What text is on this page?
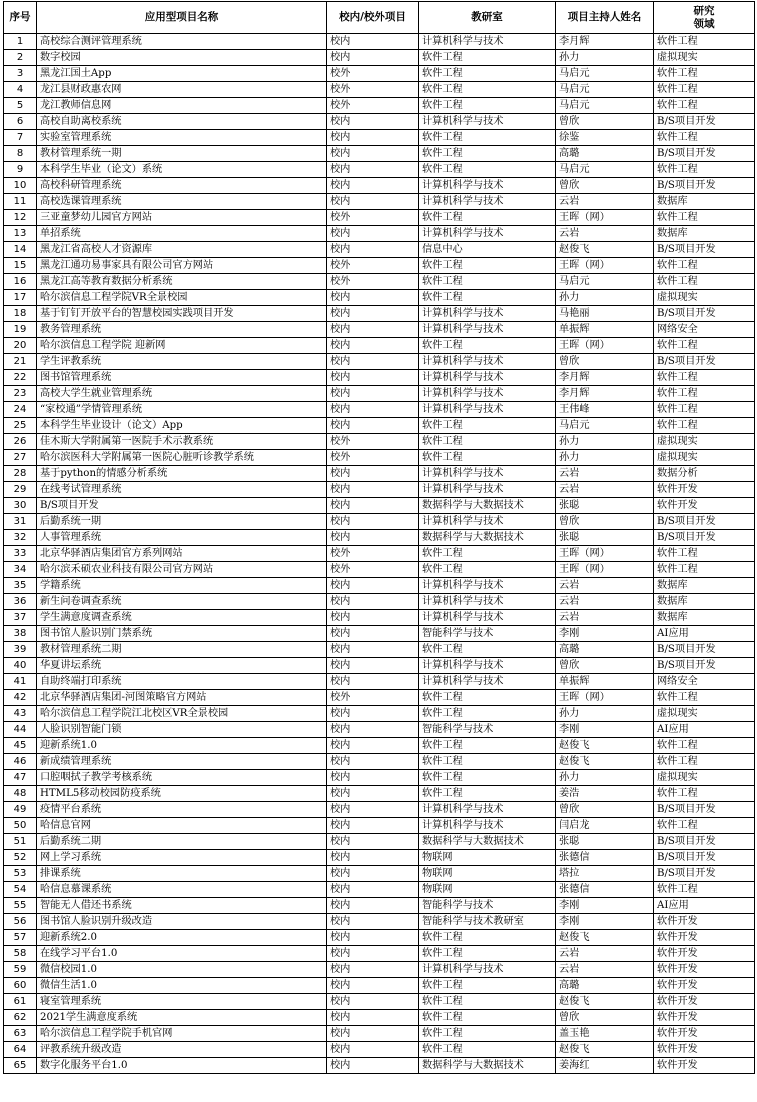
序号	应用型项目名称	校内/校外项目	教研室	项目主持人姓名	研究
领域

1	高校综合测评管理系统	校内	计算机科学与技术	李月辉	软件工程
2	数字校园	校内	软件工程	孙力	虚拟现实
3	黑龙江国土App	校外	软件工程	马启元	软件工程
4	龙江县财政惠农网	校外	软件工程	马启元	软件工程
5	龙江教师信息网	校外	软件工程	马启元	软件工程
6	高校自助离校系统	校内	计算机科学与技术	曾欣	B/S项目开发
7	实验室管理系统	校内	软件工程	徐鉴	软件工程
8	教材管理系统一期	校内	软件工程	高璐	B/S项目开发
9	本科学生毕业（论文）系统	校内	软件工程	马启元	软件工程
10	高校科研管理系统	校内	计算机科学与技术	曾欣	B/S项目开发
11	高校选课管理系统	校内	计算机科学与技术	云岩	数据库
12	三亚童梦幼儿园官方网站	校外	软件工程	王晖（网）	软件工程
13	单招系统	校内	计算机科学与技术	云岩	数据库
14	黑龙江省高校人才资源库	校内	信息中心	赵俊飞	B/S项目开发
15	黑龙江通功易事家具有限公司官方网站	校外	软件工程	王晖（网）	软件工程
16	黑龙江高等教育数据分析系统	校外	软件工程	马启元	软件工程
17	哈尔滨信息工程学院VR全景校园	校内	软件工程	孙力	虚拟现实
18	基于钉钉开放平台的智慧校园实践项目开发	校内	计算机科学与技术	马艳丽	B/S项目开发
19	教务管理系统	校内	计算机科学与技术	单振辉	网络安全
20	哈尔滨信息工程学院 迎新网	校内	软件工程	王晖（网）	软件工程
21	学生评教系统	校内	计算机科学与技术	曾欣	B/S项目开发
22	图书馆管理系统	校内	计算机科学与技术	李月辉	软件工程
23	高校大学生就业管理系统	校内	计算机科学与技术	李月辉	软件工程
24	“家校通”学情管理系统	校内	计算机科学与技术	王伟峰	软件工程
25	本科学生毕业设计（论文）App	校内	软件工程	马启元	软件工程
26	佳木斯大学附属第一医院手术示教系统	校外	软件工程	孙力	虚拟现实
27	哈尔滨医科大学附属第一医院心脏听诊教学系统	校外	软件工程	孙力	虚拟现实
28	基于python的情感分析系统	校内	计算机科学与技术	云岩	数据分析
29	在线考试管理系统	校内	计算机科学与技术	云岩	软件开发
30	B/S项目开发	校内	数据科学与大数据技术	张聪	软件开发
31	后勤系统一期	校内	计算机科学与技术	曾欣	B/S项目开发
32	人事管理系统	校内	数据科学与大数据技术	张聪	B/S项目开发
33	北京华驿酒店集团官方系列网站	校外	软件工程	王晖（网）	软件工程
34	哈尔滨禾硕农业科技有限公司官方网站	校外	软件工程	王晖（网）	软件工程
35	学籍系统	校内	计算机科学与技术	云岩	数据库
36	新生问卷调查系统	校内	计算机科学与技术	云岩	数据库
37	学生满意度调查系统	校内	计算机科学与技术	云岩	数据库
38	图书馆人脸识别门禁系统	校内	智能科学与技术	李刚	AI应用
39	教材管理系统二期	校内	软件工程	高璐	B/S项目开发
40	华夏讲坛系统	校内	计算机科学与技术	曾欣	B/S项目开发
41	自助终端打印系统	校内	计算机科学与技术	单振辉	网络安全
42	北京华驿酒店集团-河图策略官方网站	校外	软件工程	王晖（网）	软件工程
43	哈尔滨信息工程学院江北校区VR全景校园	校内	软件工程	孙力	虚拟现实
44	人脸识别智能门锁	校内	智能科学与技术	李刚	AI应用
45	迎新系统1.0	校内	软件工程	赵俊飞	软件工程
46	新成绩管理系统	校内	软件工程	赵俊飞	软件工程
47	口腔咽拭子教学考核系统	校内	软件工程	孙力	虚拟现实
48	HTML5移动校园防疫系统	校内	软件工程	姜浩	软件工程
49	疫情平台系统	校内	计算机科学与技术	曾欣	B/S项目开发
50	哈信息官网	校内	计算机科学与技术	闫启龙	软件工程
51	后勤系统二期	校内	数据科学与大数据技术	张聪	B/S项目开发
52	网上学习系统	校内	物联网	张德信	B/S项目开发
53	排课系统	校内	物联网	塔拉	B/S项目开发
54	哈信息慕课系统	校内	物联网	张德信	软件工程
55	智能无人借还书系统	校内	智能科学与技术	李刚	AI应用
56	图书馆人脸识别升级改造	校内	智能科学与技术教研室	李刚	软件开发
57	迎新系统2.0	校内	软件工程	赵俊飞	软件开发
58	在线学习平台1.0	校内	软件工程	云岩	软件开发
59	微信校园1.0	校内	计算机科学与技术	云岩	软件开发
60	微信生活1.0	校内	软件工程	高璐	软件开发
61	寝室管理系统	校内	软件工程	赵俊飞	软件开发
62	2021学生满意度系统	校内	软件工程	曾欣	软件开发
63	哈尔滨信息工程学院手机官网	校内	软件工程	盖玉艳	软件开发
64	评教系统升级改造	校内	软件工程	赵俊飞	软件开发
65	数字化服务平台1.0	校内	数据科学与大数据技术	姜海红	软件开发
